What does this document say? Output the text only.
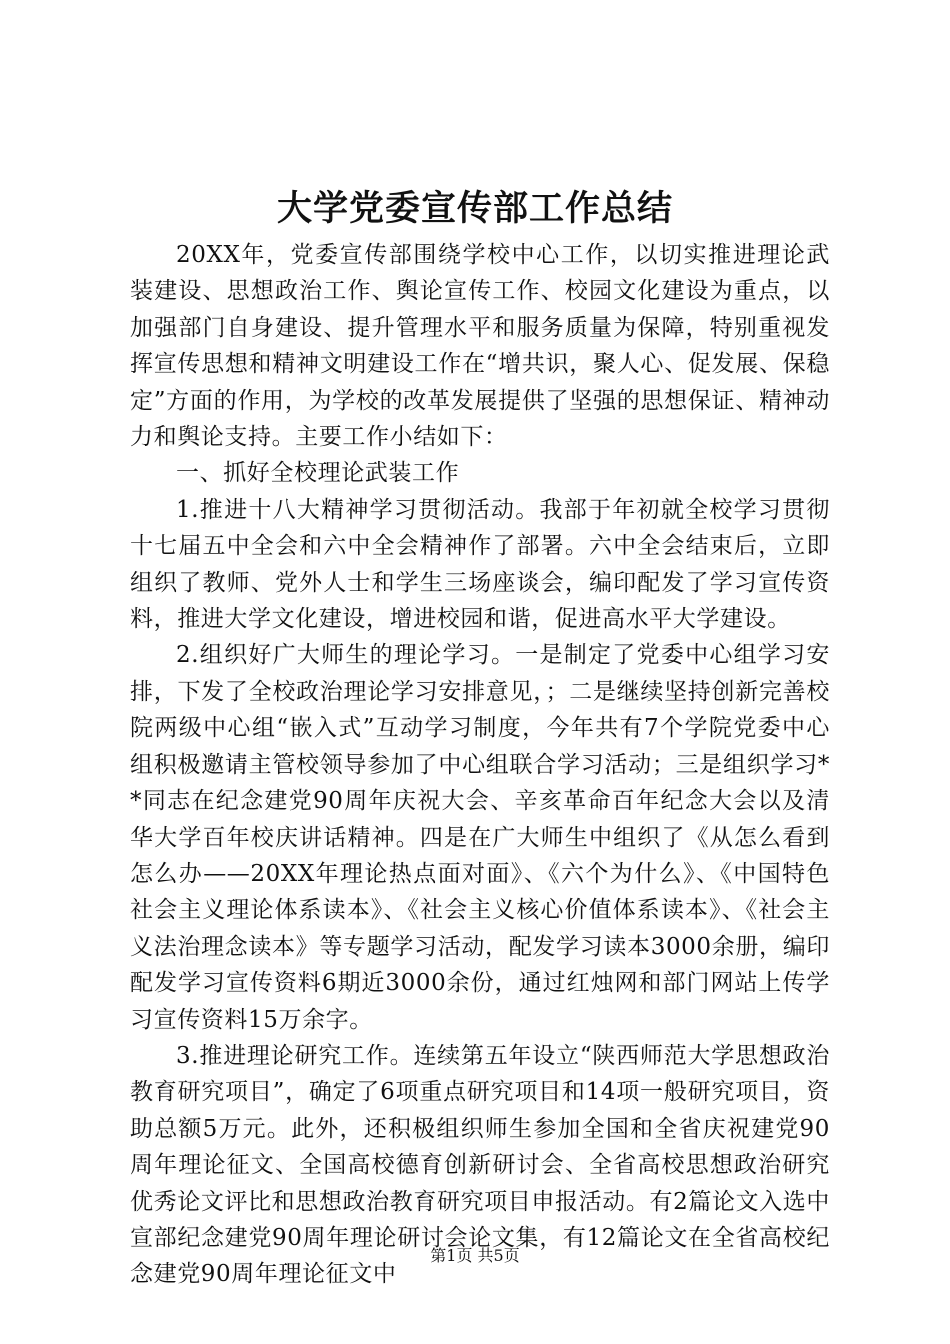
大学党委宣传部工作总结

20XX年，党委宣传部围绕学校中心工作，以切实推进理论武装建设、思想政治工作、舆论宣传工作、校园文化建设为重点，以加强部门自身建设、提升管理水平和服务质量为保障，特别重视发挥宣传思想和精神文明建设工作在“增共识，聚人心、促发展、保稳定”方面的作用，为学校的改革发展提供了坚强的思想保证、精神动力和舆论支持。主要工作小结如下：

一、抓好全校理论武装工作

1.推进十八大精神学习贯彻活动。我部于年初就全校学习贯彻十七届五中全会和六中全会精神作了部署。六中全会结束后，立即组织了教师、党外人士和学生三场座谈会，编印配发了学习宣传资料，推进大学文化建设，增进校园和谐，促进高水平大学建设。

2.组织好广大师生的理论学习。一是制定了党委中心组学习安排，下发了全校政治理论学习安排意见，；二是继续坚持创新完善校院两级中心组“嵌入式”互动学习制度，今年共有7个学院党委中心组积极邀请主管校领导参加了中心组联合学习活动；三是组织学习**同志在纪念建党90周年庆祝大会、辛亥革命百年纪念大会以及清华大学百年校庆讲话精神。四是在广大师生中组织了《从怎么看到怎么办——20XX年理论热点面对面》、《六个为什么》、《中国特色社会主义理论体系读本》、《社会主义核心价值体系读本》、《社会主义法治理念读本》等专题学习活动，配发学习读本3000余册，编印配发学习宣传资料6期近3000余份，通过红烛网和部门网站上传学习宣传资料15万余字。

3.推进理论研究工作。连续第五年设立“陕西师范大学思想政治教育研究项目”，确定了6项重点研究项目和14项一般研究项目，资助总额5万元。此外，还积极组织师生参加全国和全省庆祝建党90周年理论征文、全国高校德育创新研讨会、全省高校思想政治研究优秀论文评比和思想政治教育研究项目申报活动。有2篇论文入选中宣部纪念建党90周年理论研讨会论文集，有12篇论文在全省高校纪念建党90周年理论征文中

第1页 共5页
